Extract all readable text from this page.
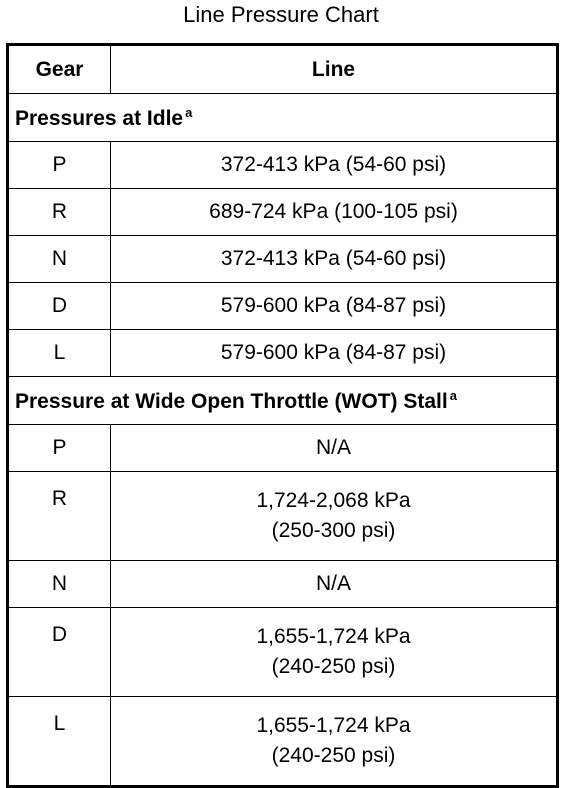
Line Pressure Chart
Gear	Line
Pressures at Idle $^a$
P	372-413 kPa (54-60 psi)
R	689-724 kPa (100-105 psi)
N	372-413 kPa (54-60 psi)
D	579-600 kPa (84-87 psi)
L	579-600 kPa (84-87 psi)
Pressure at Wide Open Throttle (WOT) Stall $^a$
P	N/A
R	1,724-2,068 kPa
(250-300 psi)

N	N/A
D	1,655-1,724 kPa
(240-250 psi)

L	1,655-1,724 kPa
(240-250 psi)
